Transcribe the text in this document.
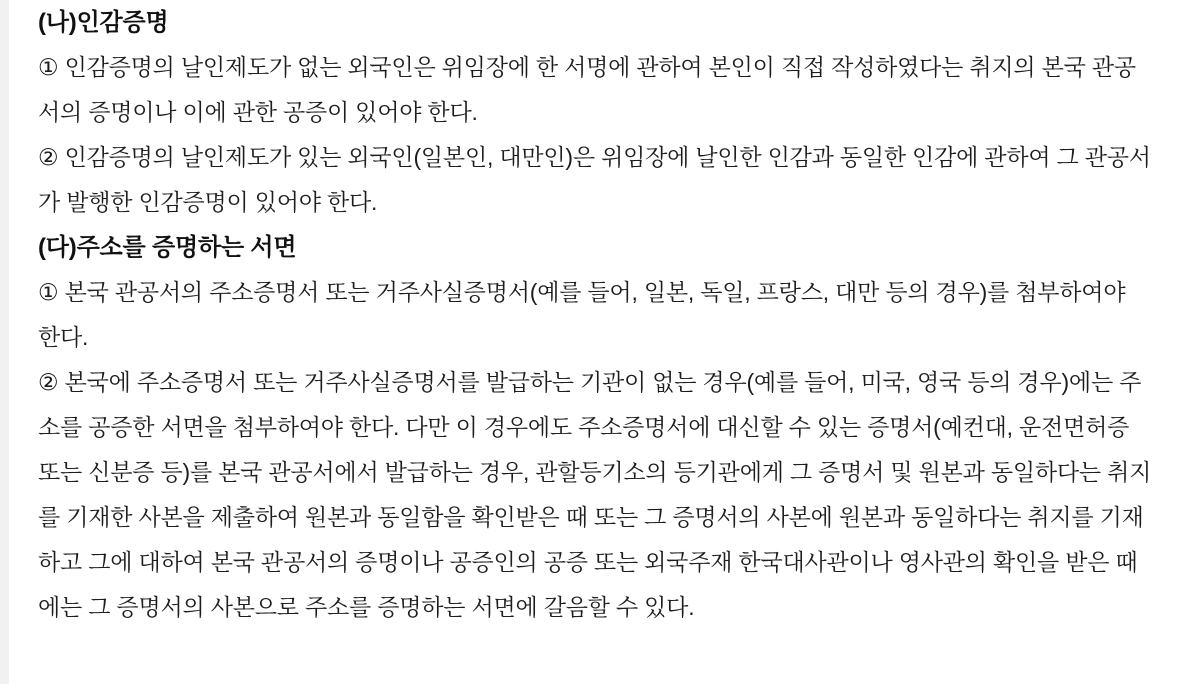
(나)인감증명

① 인감증명의 날인제도가 없는 외국인은 위임장에 한 서명에 관하여 본인이 직접 작성하였다는 취지의 본국 관공서의 증명이나 이에 관한 공증이 있어야 한다.

② 인감증명의 날인제도가 있는 외국인(일본인, 대만인)은 위임장에 날인한 인감과 동일한 인감에 관하여 그 관공서가 발행한 인감증명이 있어야 한다.

(다)주소를 증명하는 서면

① 본국 관공서의 주소증명서 또는 거주사실증명서(예를 들어, 일본, 독일, 프랑스, 대만 등의 경우)를 첨부하여야 한다.

② 본국에 주소증명서 또는 거주사실증명서를 발급하는 기관이 없는 경우(예를 들어, 미국, 영국 등의 경우)에는 주소를 공증한 서면을 첨부하여야 한다. 다만 이 경우에도 주소증명서에 대신할 수 있는 증명서(예컨대, 운전면허증 또는 신분증 등)를 본국 관공서에서 발급하는 경우, 관할등기소의 등기관에게 그 증명서 및 원본과 동일하다는 취지를 기재한 사본을 제출하여 원본과 동일함을 확인받은 때 또는 그 증명서의 사본에 원본과 동일하다는 취지를 기재하고 그에 대하여 본국 관공서의 증명이나 공증인의 공증 또는 외국주재 한국대사관이나 영사관의 확인을 받은 때에는 그 증명서의 사본으로 주소를 증명하는 서면에 갈음할 수 있다.
